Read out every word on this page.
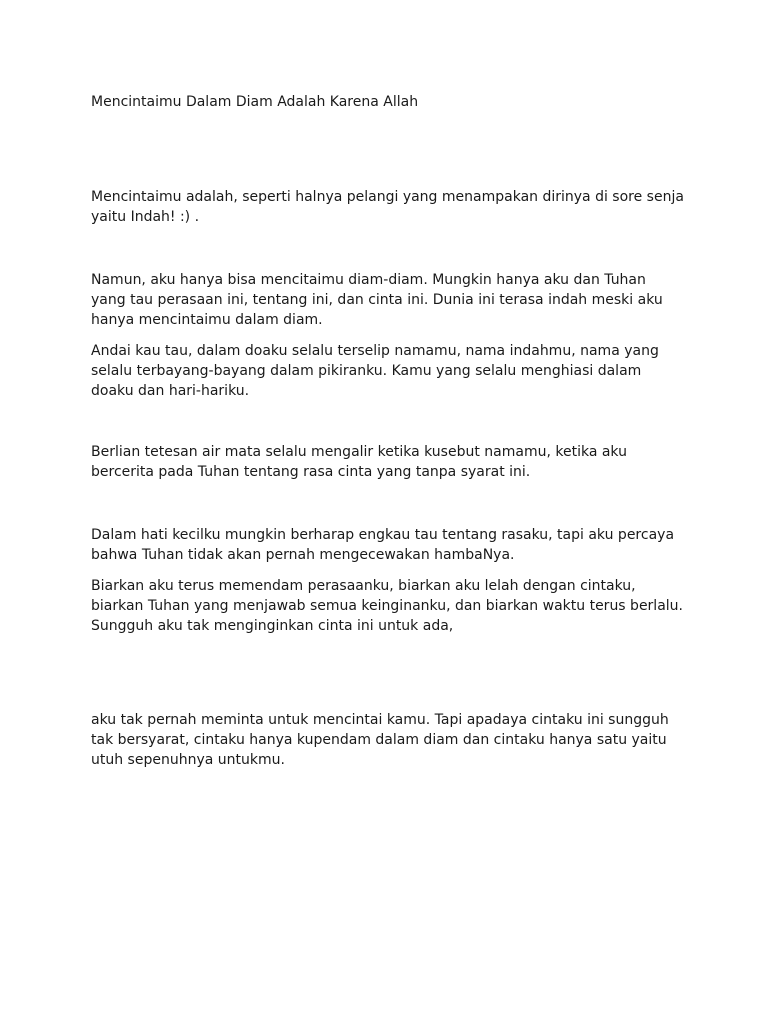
Mencintaimu Dalam Diam Adalah Karena Allah

Mencintaimu adalah, seperti halnya pelangi yang menampakan dirinya di sore senja
yaitu Indah! :) .

Namun, aku hanya bisa mencitaimu diam-diam. Mungkin hanya aku dan Tuhan
yang tau perasaan ini, tentang ini, dan cinta ini. Dunia ini terasa indah meski aku
hanya mencintaimu dalam diam.

Andai kau tau, dalam doaku selalu terselip namamu, nama indahmu, nama yang
selalu terbayang-bayang dalam pikiranku. Kamu yang selalu menghiasi dalam
doaku dan hari-hariku.

Berlian tetesan air mata selalu mengalir ketika kusebut namamu, ketika aku
bercerita pada Tuhan tentang rasa cinta yang tanpa syarat ini.

Dalam hati kecilku mungkin berharap engkau tau tentang rasaku, tapi aku percaya
bahwa Tuhan tidak akan pernah mengecewakan hambaNya.

Biarkan aku terus memendam perasaanku, biarkan aku lelah dengan cintaku,
biarkan Tuhan yang menjawab semua keinginanku, dan biarkan waktu terus berlalu.
Sungguh aku tak menginginkan cinta ini untuk ada,

aku tak pernah meminta untuk mencintai kamu. Tapi apadaya cintaku ini sungguh
tak bersyarat, cintaku hanya kupendam dalam diam dan cintaku hanya satu yaitu
utuh sepenuhnya untukmu.
